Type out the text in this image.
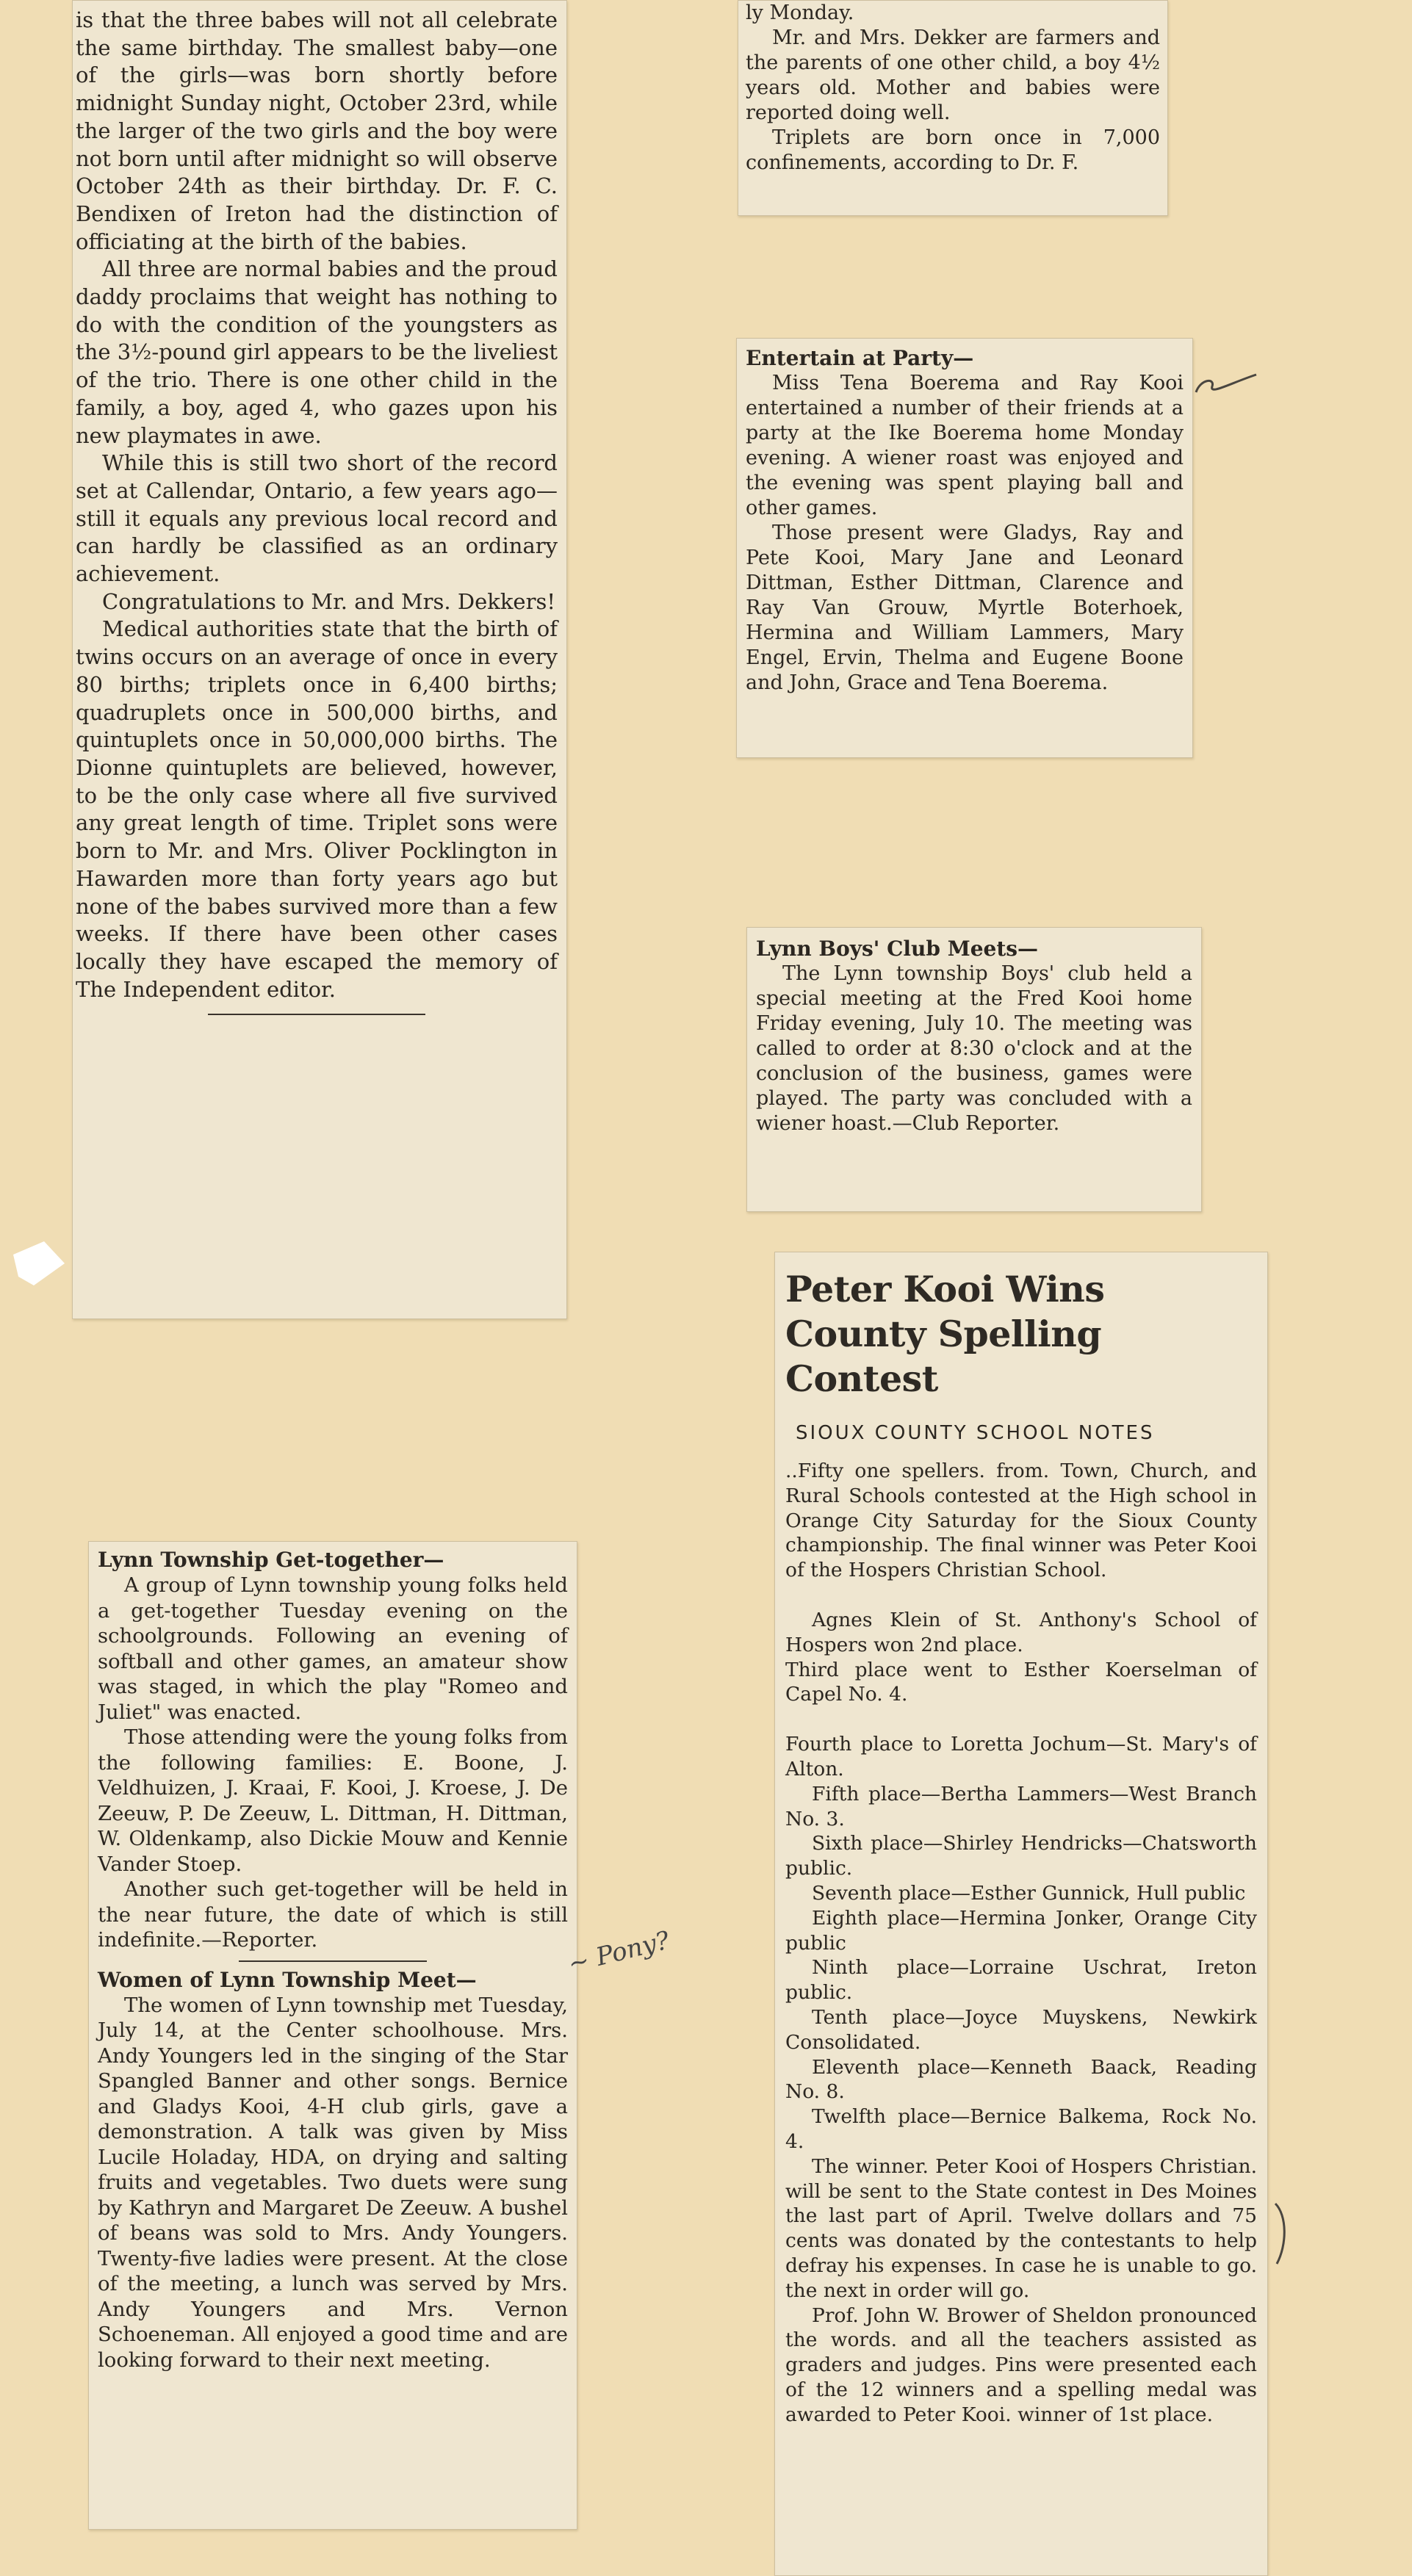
is that the three babes will not all celebrate the same birthday. The smallest baby—one of the girls—was born shortly before midnight Sunday night, October 23rd, while the larger of the two girls and the boy were not born until after midnight so will observe October 24th as their birthday. Dr. F. C. Bendixen of Ireton had the distinction of officiating at the birth of the babies.

All three are normal babies and the proud daddy proclaims that weight has nothing to do with the condition of the youngsters as the 3½-pound girl appears to be the liveliest of the trio. There is one other child in the family, a boy, aged 4, who gazes upon his new playmates in awe.

While this is still two short of the record set at Callendar, Ontario, a few years ago—still it equals any previous local record and can hardly be classified as an ordinary achievement.

Congratulations to Mr. and Mrs. Dekkers!

Medical authorities state that the birth of twins occurs on an average of once in every 80 births; triplets once in 6,400 births; quadruplets once in 500,000 births, and quintuplets once in 50,000,000 births. The Dionne quintuplets are believed, however, to be the only case where all five survived any great length of time. Triplet sons were born to Mr. and Mrs. Oliver Pocklington in Hawarden more than forty years ago but none of the babes survived more than a few weeks. If there have been other cases locally they have escaped the memory of The Independent editor.

ly Monday.

Mr. and Mrs. Dekker are farmers and the parents of one other child, a boy 4½ years old. Mother and babies were reported doing well.

Triplets are born once in 7,000 confinements, according to Dr. F.

Entertain at Party—

Miss Tena Boerema and Ray Kooi entertained a number of their friends at a party at the Ike Boerema home Monday evening. A wiener roast was enjoyed and the evening was spent playing ball and other games.

Those present were Gladys, Ray and Pete Kooi, Mary Jane and Leonard Dittman, Esther Dittman, Clarence and Ray Van Grouw, Myrtle Boterhoek, Hermina and William Lammers, Mary Engel, Ervin, Thelma and Eugene Boone and John, Grace and Tena Boerema.

Lynn Boys' Club Meets—

The Lynn township Boys' club held a special meeting at the Fred Kooi home Friday evening, July 10. The meeting was called to order at 8:30 o'clock and at the conclusion of the business, games were played. The party was concluded with a wiener hoast.—Club Reporter.

Lynn Township Get-together—

A group of Lynn township young folks held a get-together Tuesday evening on the schoolgrounds. Following an evening of softball and other games, an amateur show was staged, in which the play "Romeo and Juliet" was enacted.

Those attending were the young folks from the following families: E. Boone, J. Veldhuizen, J. Kraai, F. Kooi, J. Kroese, J. De Zeeuw, P. De Zeeuw, L. Dittman, H. Dittman, W. Oldenkamp, also Dickie Mouw and Kennie Vander Stoep.

Another such get-together will be held in the near future, the date of which is still indefinite.—Reporter.

Women of Lynn Township Meet—

The women of Lynn township met Tuesday, July 14, at the Center schoolhouse. Mrs. Andy Youngers led in the singing of the Star Spangled Banner and other songs. Bernice and Gladys Kooi, 4-H club girls, gave a demonstration. A talk was given by Miss Lucile Holaday, HDA, on drying and salting fruits and vegetables. Two duets were sung by Kathryn and Margaret De Zeeuw. A bushel of beans was sold to Mrs. Andy Youngers. Twenty-five ladies were present. At the close of the meeting, a lunch was served by Mrs. Andy Youngers and Mrs. Vernon Schoeneman. All enjoyed a good time and are looking forward to their next meeting.

Peter Kooi Wins County Spelling Contest
SIOUX COUNTY SCHOOL NOTES

..Fifty one spellers. from. Town, Church, and Rural Schools contested at the High school in Orange City Saturday for the Sioux County championship. The final winner was Peter Kooi of the Hospers Christian School.

Agnes Klein of St. Anthony's School of Hospers won 2nd place.

Third place went to Esther Koerselman of Capel No. 4.

Fourth place to Loretta Jochum—St. Mary's of Alton.

Fifth place—Bertha Lammers—West Branch No. 3.

Sixth place—Shirley Hendricks—Chatsworth public.

Seventh place—Esther Gunnick, Hull public

Eighth place—Hermina Jonker, Orange City public

Ninth place—Lorraine Uschrat, Ireton public.

Tenth place—Joyce Muyskens, Newkirk Consolidated.

Eleventh place—Kenneth Baack, Reading No. 8.

Twelfth place—Bernice Balkema, Rock No. 4.

The winner. Peter Kooi of Hospers Christian. will be sent to the State contest in Des Moines the last part of April. Twelve dollars and 75 cents was donated by the contestants to help defray his expenses. In case he is unable to go. the next in order will go.

Prof. John W. Brower of Sheldon pronounced the words. and all the teachers assisted as graders and judges. Pins were presented each of the 12 winners and a spelling medal was awarded to Peter Kooi. winner of 1st place.

~ Pony?
